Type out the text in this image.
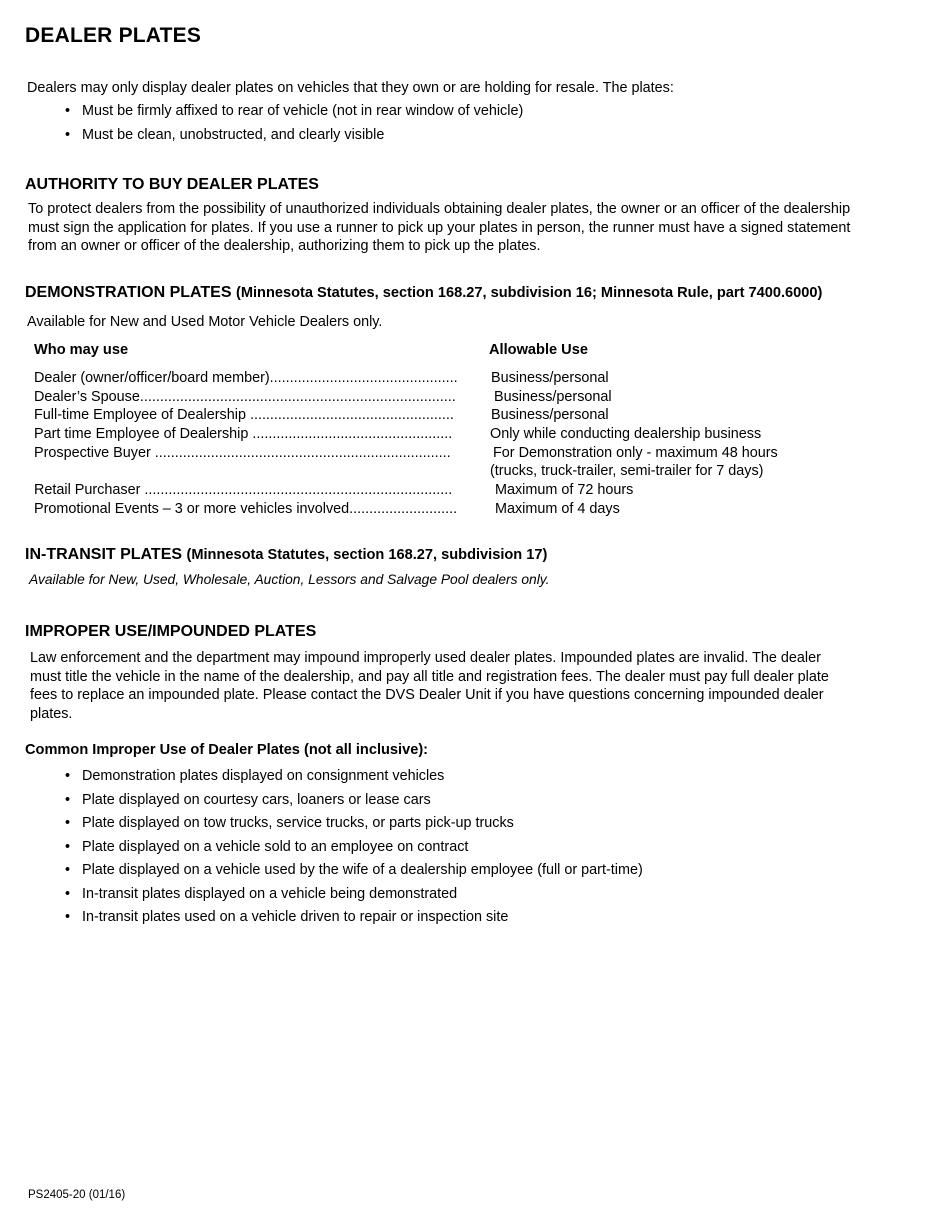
DEALER PLATES
Dealers may only display dealer plates on vehicles that they own or are holding for resale. The plates:
• Must be firmly affixed to rear of vehicle (not in rear window of vehicle)
• Must be clean, unobstructed, and clearly visible
AUTHORITY TO BUY DEALER PLATES
To protect dealers from the possibility of unauthorized individuals obtaining dealer plates, the owner or an officer of the dealership
must sign the application for plates. If you use a runner to pick up your plates in person, the runner must have a signed statement
from an owner or officer of the dealership, authorizing them to pick up the plates.
DEMONSTRATION PLATES (Minnesota Statutes, section 168.27, subdivision 16; Minnesota Rule, part 7400.6000)
Available for New and Used Motor Vehicle Dealers only.
Who may use	Allowable Use
Dealer (owner/officer/board member)............................................... Business/personal
Dealer’s Spouse...............................................................................	Business/personal
Full-time Employee of Dealership ...................................................	Business/personal
Part time Employee of Dealership ..................................................	Only while conducting dealership business
Prospective Buyer ..........................................................................	For Demonstration only - maximum 48 hours
(trucks, truck-trailer, semi-trailer for 7 days)
Retail Purchaser .............................................................................	Maximum of 72 hours
Promotional Events – 3 or more vehicles involved...........................	Maximum of 4 days
IN-TRANSIT PLATES (Minnesota Statutes, section 168.27, subdivision 17)
Available for New, Used, Wholesale, Auction, Lessors and Salvage Pool dealers only.
IMPROPER USE/IMPOUNDED PLATES
Law enforcement and the department may impound improperly used dealer plates. Impounded plates are invalid. The dealer
must title the vehicle in the name of the dealership, and pay all title and registration fees. The dealer must pay full dealer plate
fees to replace an impounded plate. Please contact the DVS Dealer Unit if you have questions concerning impounded dealer
plates.
Common Improper Use of Dealer Plates (not all inclusive):
• Demonstration plates displayed on consignment vehicles
• Plate displayed on courtesy cars, loaners or lease cars
• Plate displayed on tow trucks, service trucks, or parts pick-up trucks
• Plate displayed on a vehicle sold to an employee on contract
• Plate displayed on a vehicle used by the wife of a dealership employee (full or part-time)
• In-transit plates displayed on a vehicle being demonstrated
• In-transit plates used on a vehicle driven to repair or inspection site
PS2405-20 (01/16)
